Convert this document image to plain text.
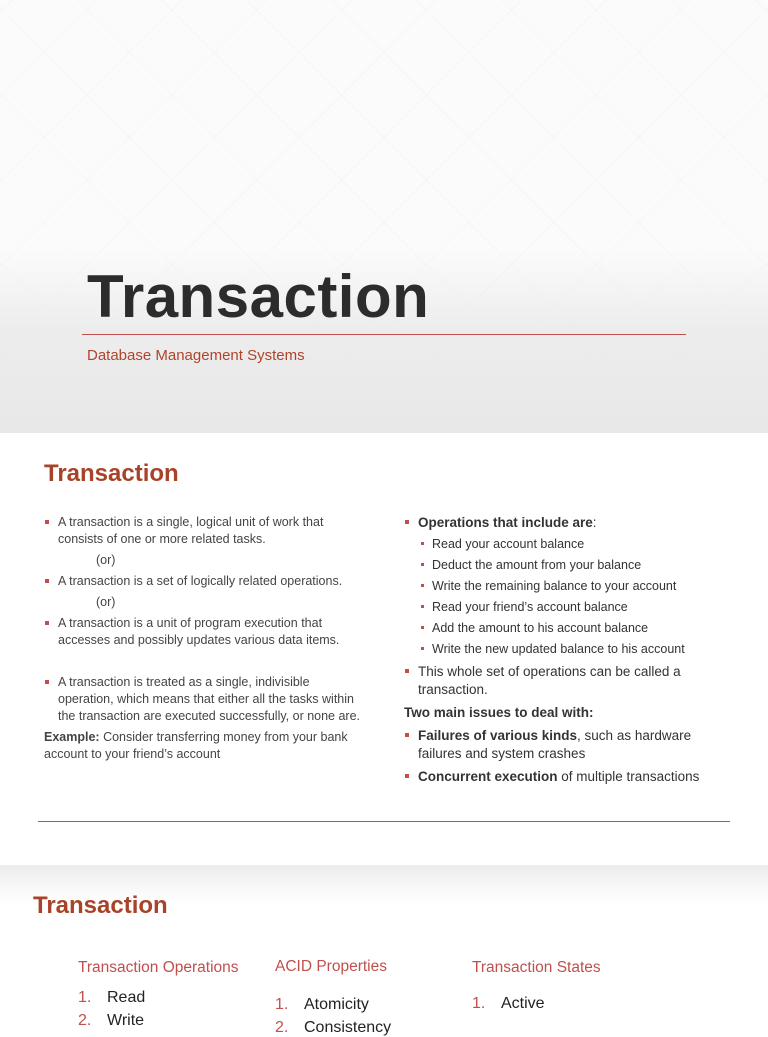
Transaction
Database Management Systems
Transaction
A transaction is a single, logical unit of work that consists of one or more related tasks.
(or)
A transaction is a set of logically related operations.
(or)
A transaction is a unit of program execution that accesses and possibly updates various data items.
A transaction is treated as a single, indivisible operation, which means that either all the tasks within the transaction are executed successfully, or none are.
Example: Consider transferring money from your bank account to your friend’s account
Operations that include are:
Read your account balance
Deduct the amount from your balance
Write the remaining balance to your account
Read your friend’s account balance
Add the amount to his account balance
Write the new updated balance to his account
This whole set of operations can be called a transaction.
Two main issues to deal with:
Failures of various kinds, such as hardware failures and system crashes
Concurrent execution of multiple transactions
Transaction
Transaction Operations
1. Read
2. Write
ACID Properties
1. Atomicity
2. Consistency
Transaction States
1. Active
